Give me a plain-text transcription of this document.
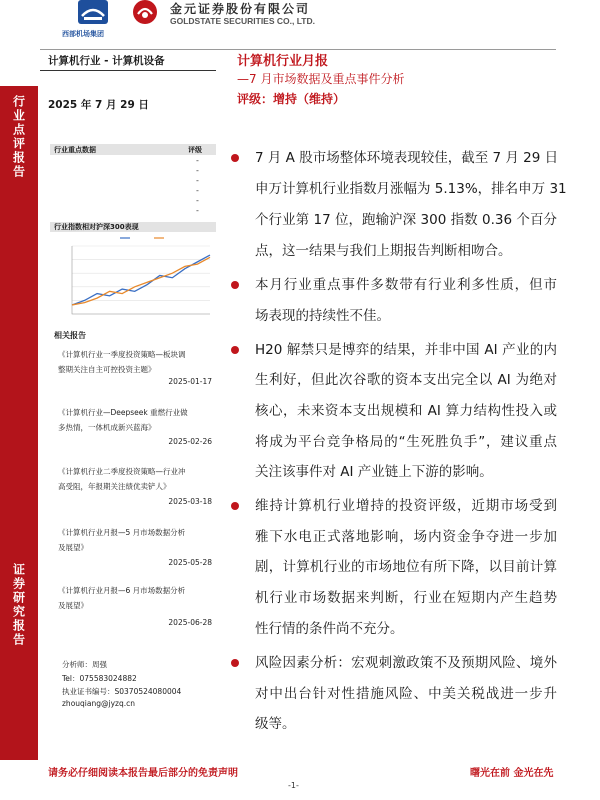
西部机场集团
金元证券股份有限公司
GOLDSTATE SECURITIES CO., LTD.
计算机行业 - 计算机设备
2025 年 7 月 29 日
计算机行业月报
—7 月市场数据及重点事件分析
评级：增持（维持）
行业点评报告
证券研究报告
行业重点数据	评级
-
-
-
-
-
-
行业指数相对沪深300表现
相关报告
《计算机行业一季度投资策略—板块调
整期关注自主可控投资主题》
2025-01-17
《计算机行业—Deepseek 重燃行业做
多热情，一体机成新兴蓝海》
2025-02-26
《计算机行业二季度投资策略—行业冲
高受阻，年报期关注绩优卖铲人》
2025-03-18
《计算机行业月报—5 月市场数据分析
及展望》
2025-05-28
《计算机行业月报—6 月市场数据分析
及展望》
2025-06-28
分析师：周强
Tel：075583024882
执业证书编号：S0370524080004
zhouqiang@jyzq.cn
7 月 A 股市场整体环境表现较佳，截至 7 月 29 日
申万计算机行业指数月涨幅为 5.13%，排名申万 31
个行业第 17 位，跑输沪深 300 指数 0.36 个百分
点，这一结果与我们上期报告判断相吻合。
本月行业重点事件多数带有行业利多性质，但市
场表现的持续性不佳。
H20 解禁只是博弈的结果，并非中国 AI 产业的内
生利好，但此次谷歌的资本支出完全以 AI 为绝对
核心，未来资本支出规模和 AI 算力结构性投入或
将成为平台竞争格局的“生死胜负手”，建议重点
关注该事件对 AI 产业链上下游的影响。
维持计算机行业增持的投资评级，近期市场受到
雅下水电正式落地影响，场内资金争夺进一步加
剧，计算机行业的市场地位有所下降，以目前计算
机行业市场数据来判断，行业在短期内产生趋势
性行情的条件尚不充分。
风险因素分析：宏观刺激政策不及预期风险、境外
对中出台针对性措施风险、中美关税战进一步升
级等。
请务必仔细阅读本报告最后部分的免责声明	曙光在前 金光在先
-1-
